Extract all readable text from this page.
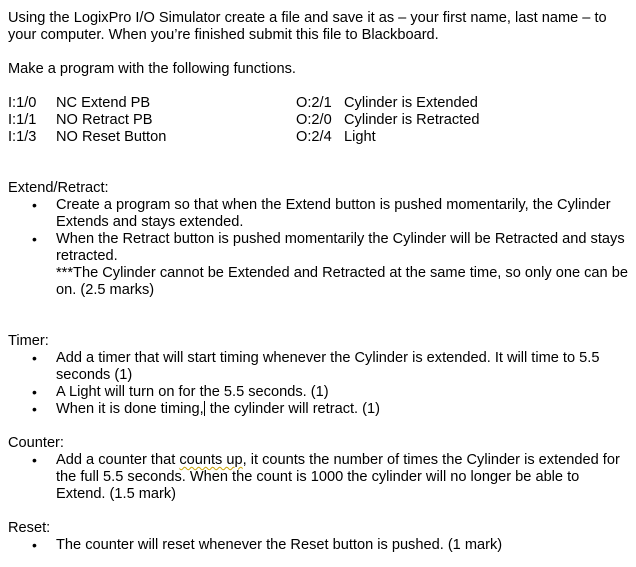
Using the LogixPro I/O Simulator create a file and save it as – your first name, last name – to

your computer. When you’re finished submit this file to Blackboard.

Make a program with the following functions.

I:1/0	NC Extend PB	O:2/1	Cylinder is Extended
I:1/1	NO Retract PB	O:2/0	Cylinder is Retracted
I:1/3	NO Reset Button	O:2/4	Light

Extend/Retract:

• Create a program so that when the Extend button is pushed momentarily, the Cylinder Extends and stays extended.
• When the Retract button is pushed momentarily the Cylinder will be Retracted and stays retracted.
***The Cylinder cannot be Extended and Retracted at the same time, so only one can be on. (2.5 marks)

Timer:

• Add a timer that will start timing whenever the Cylinder is extended. It will time to 5.5 seconds (1)
• A Light will turn on for the 5.5 seconds. (1)
• When it is done timing, the cylinder will retract. (1)

Counter:

• Add a counter that counts up, it counts the number of times the Cylinder is extended for the full 5.5 seconds. When the count is 1000 the cylinder will no longer be able to Extend. (1.5 mark)

Reset:

• The counter will reset whenever the Reset button is pushed. (1 mark)
